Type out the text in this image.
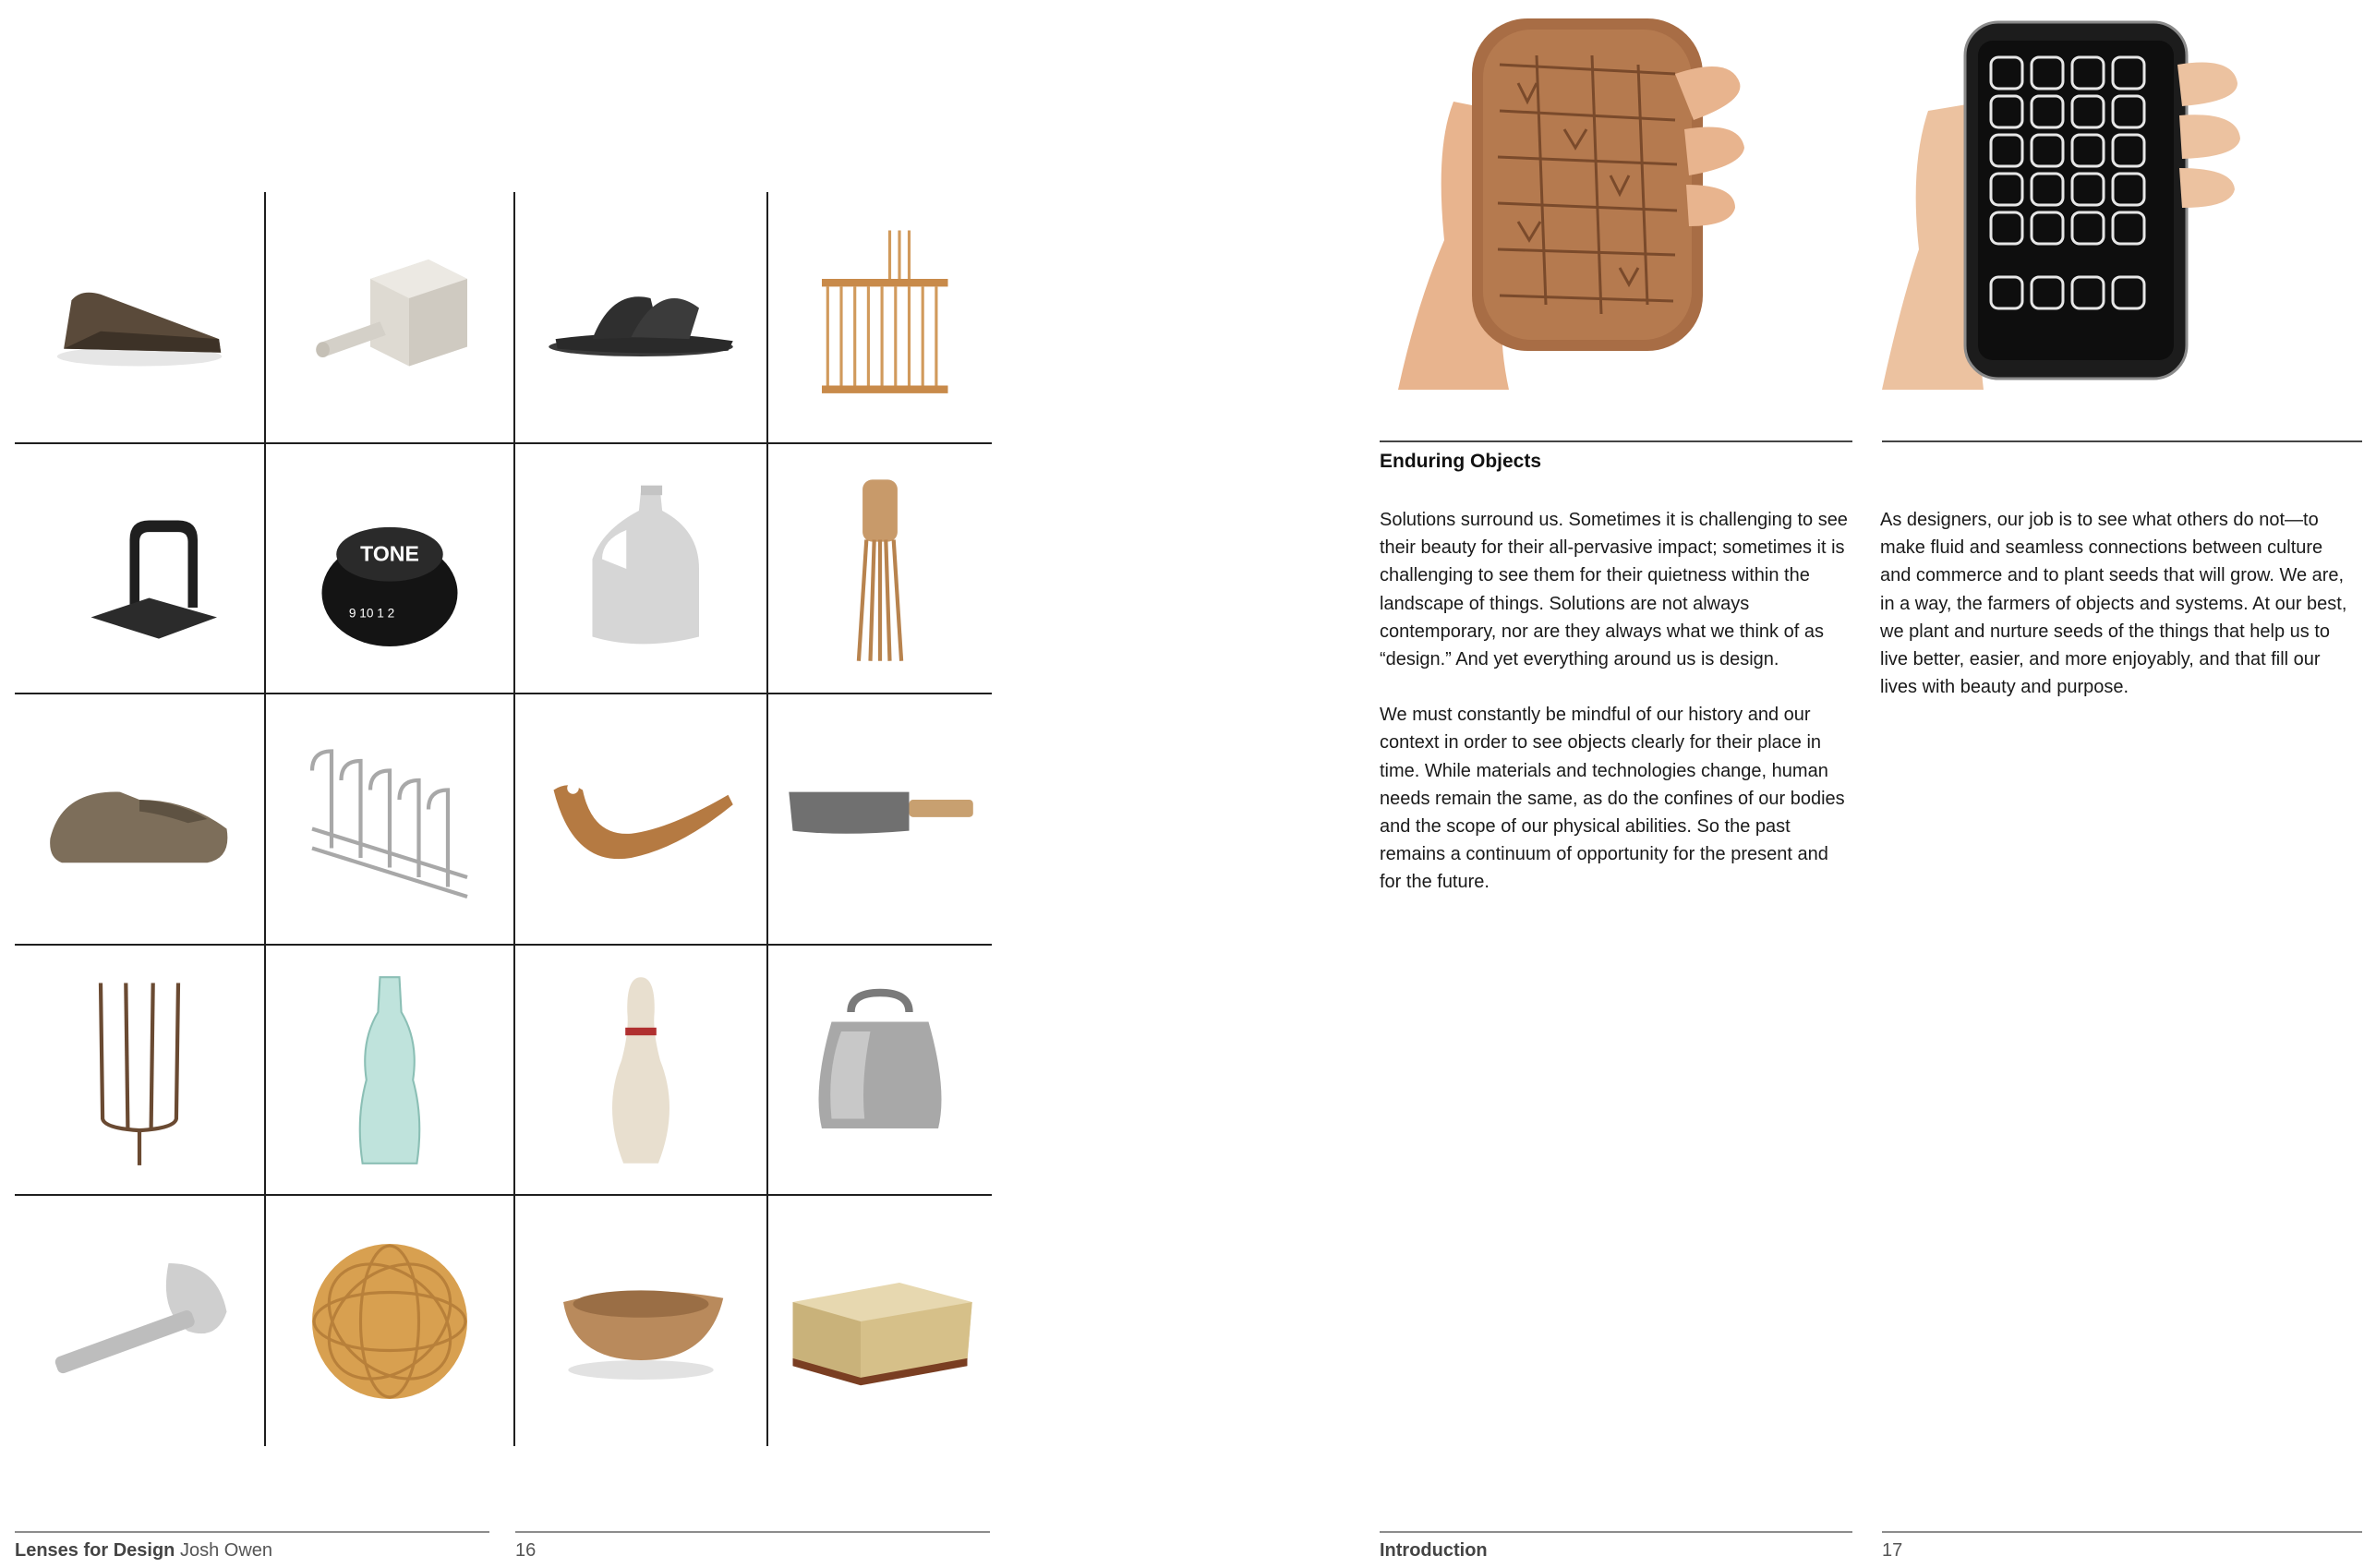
TONE
9 10 1 2
Lenses for Design Josh Owen	16
Enduring Objects

Solutions surround us. Sometimes it is challenging to see their beauty for their all-pervasive impact; sometimes it is challenging to see them for their quietness within the landscape of things. Solutions are not always contemporary, nor are they always what we think of as “design.” And yet everything around us is design.

We must constantly be mindful of our history and our context in order to see objects clearly for their place in time. While materials and technologies change, human needs remain the same, as do the confines of our bodies and the scope of our physical abilities. So the past remains a continuum of opportunity for the present and for the future.

As designers, our job is to see what others do not—to make fluid and seamless connections between culture and commerce and to plant seeds that will grow. We are, in a way, the farmers of objects and systems. At our best, we plant and nurture seeds of the things that help us to live better, easier, and more enjoyably, and that fill our lives with beauty and purpose.

Introduction	17
